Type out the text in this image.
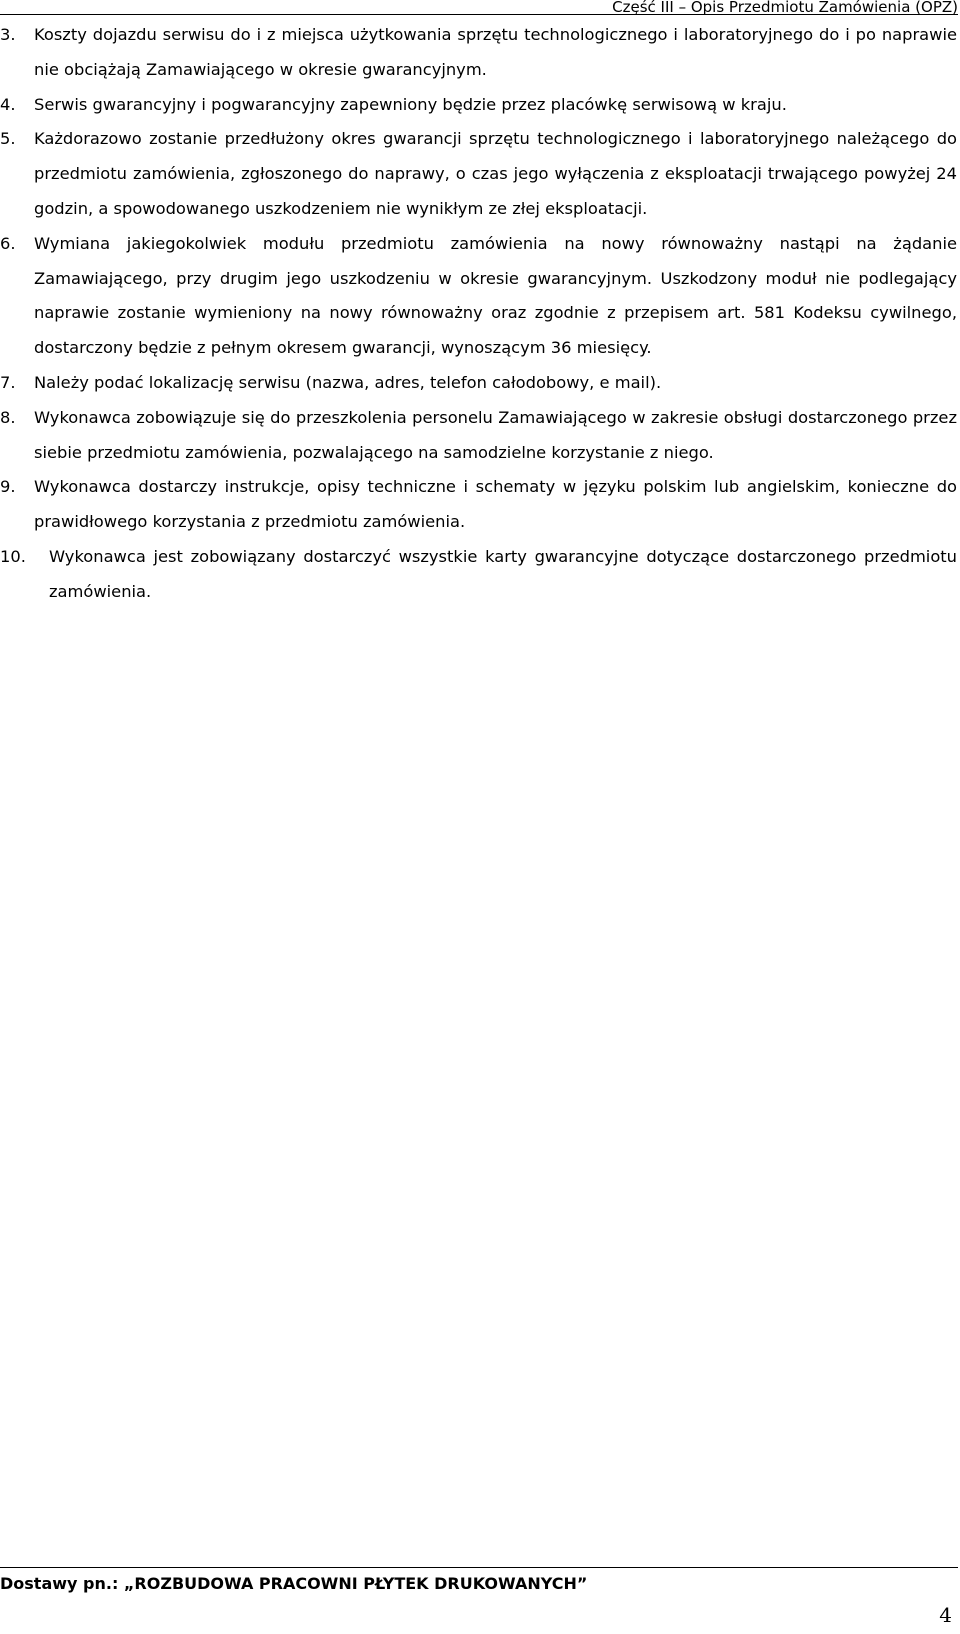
Część III – Opis Przedmiotu Zamówienia (OPZ)
3.	Koszty dojazdu serwisu do i z miejsca użytkowania sprzętu technologicznego i laboratoryjnego do i po naprawie nie obciążają Zamawiającego w okresie gwarancyjnym.
4.	Serwis gwarancyjny i pogwarancyjny zapewniony będzie przez placówkę serwisową w kraju.
5.	Każdorazowo zostanie przedłużony okres gwarancji sprzętu technologicznego i laboratoryjnego należącego do przedmiotu zamówienia, zgłoszonego do naprawy, o czas jego wyłączenia z eksploatacji trwającego powyżej 24 godzin, a spowodowanego uszkodzeniem nie wynikłym ze złej eksploatacji.
6.	Wymiana jakiegokolwiek modułu przedmiotu zamówienia na nowy równoważny nastąpi na żądanie Zamawiającego, przy drugim jego uszkodzeniu w okresie gwarancyjnym. Uszkodzony moduł nie podlegający naprawie zostanie wymieniony na nowy równoważny oraz zgodnie z przepisem art. 581 Kodeksu cywilnego, dostarczony będzie z pełnym okresem gwarancji, wynoszącym 36 miesięcy.
7.	Należy podać lokalizację serwisu (nazwa, adres, telefon całodobowy, e mail).
8.	Wykonawca zobowiązuje się do przeszkolenia personelu Zamawiającego w zakresie obsługi dostarczonego przez siebie przedmiotu zamówienia, pozwalającego na samodzielne korzystanie z niego.
9.	Wykonawca dostarczy instrukcje, opisy techniczne i schematy w języku polskim lub angielskim, konieczne do prawidłowego korzystania z przedmiotu zamówienia.
10.	Wykonawca jest zobowiązany dostarczyć wszystkie karty gwarancyjne dotyczące dostarczonego przedmiotu zamówienia.
Dostawy pn.: „ROZBUDOWA PRACOWNI PŁYTEK DRUKOWANYCH”
4
